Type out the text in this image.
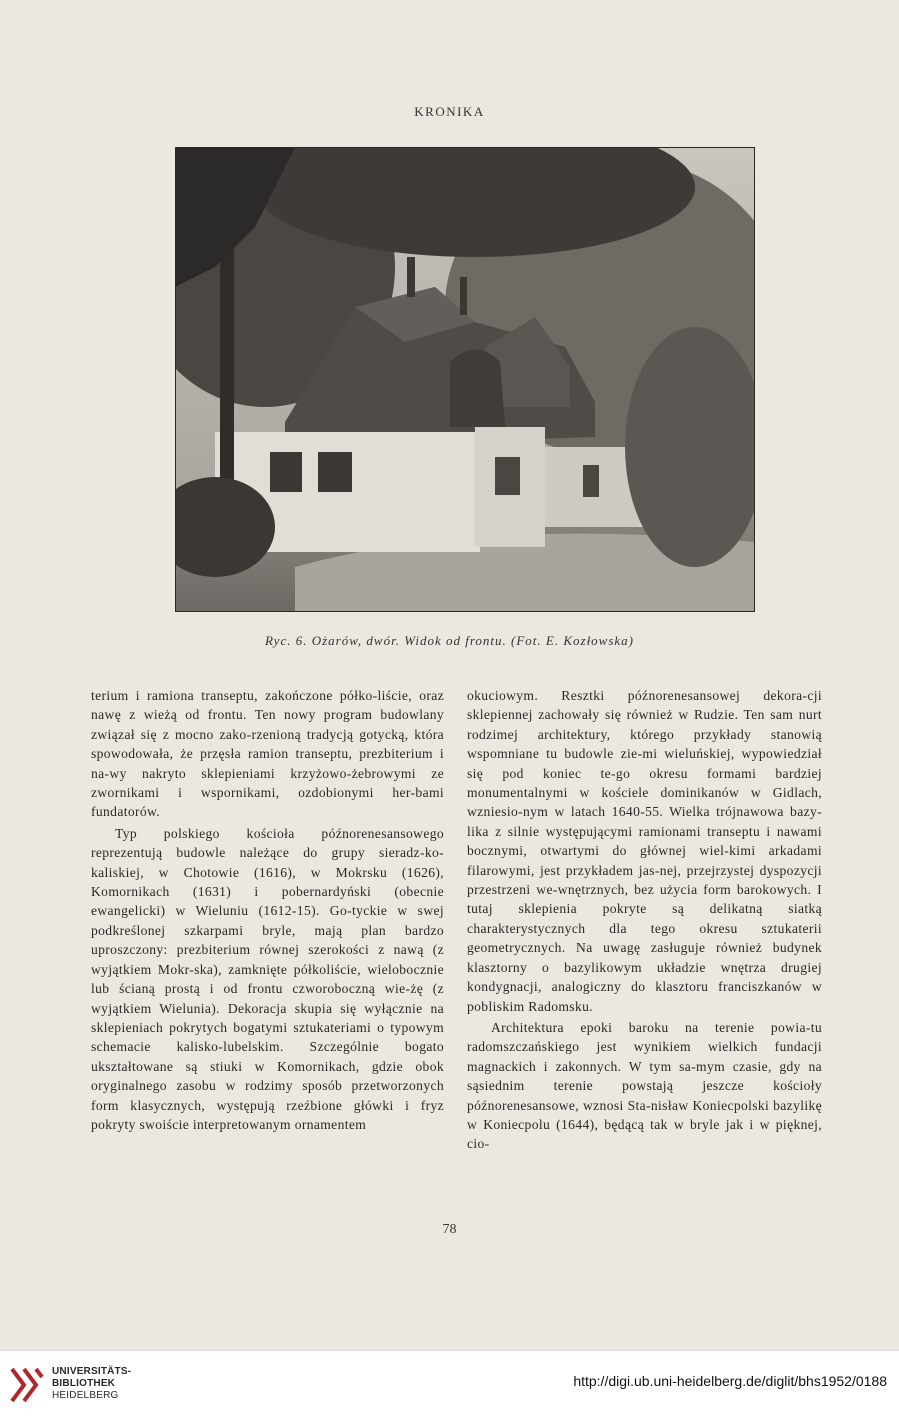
KRONIKA
Ryc. 6. Ożarów, dwór. Widok od frontu. (Fot. E. Kozłowska)

terium i ramiona transeptu, zakończone półko-liście, oraz nawę z wieżą od frontu. Ten nowy program budowlany związał się z mocno zako-rzenioną tradycją gotycką, która spowodowała, że przęsła ramion transeptu, prezbiterium i na-wy nakryto sklepieniami krzyżowo-żebrowymi ze zwornikami i wspornikami, ozdobionymi her-bami fundatorów.

Typ polskiego kościoła późnorenesansowego reprezentują budowle należące do grupy sieradz-ko-kaliskiej, w Chotowie (1616), w Mokrsku (1626), Komornikach (1631) i pobernardyński (obecnie ewangelicki) w Wieluniu (1612-15). Go-tyckie w swej podkreślonej szkarpami bryle, mają plan bardzo uproszczony: prezbiterium równej szerokości z nawą (z wyjątkiem Mokr-ska), zamknięte półkoliście, wielobocznie lub ścianą prostą i od frontu czworoboczną wie-żę (z wyjątkiem Wielunia). Dekoracja skupia się wyłącznie na sklepieniach pokrytych bogatymi sztukateriami o typowym schemacie kalisko-lubelskim. Szczególnie bogato ukształtowane są stiuki w Komornikach, gdzie obok oryginalnego zasobu w rodzimy sposób przetworzonych form klasycznych, występują rzeźbione główki i fryz pokryty swoiście interpretowanym ornamentem

okuciowym. Resztki późnorenesansowej dekora-cji sklepiennej zachowały się również w Rudzie. Ten sam nurt rodzimej architektury, którego przykłady stanowią wspomniane tu budowle zie-mi wieluńskiej, wypowiedział się pod koniec te-go okresu formami bardziej monumentalnymi w kościele dominikanów w Gidlach, wzniesio-nym w latach 1640-55. Wielka trójnawowa bazy-lika z silnie występującymi ramionami transeptu i nawami bocznymi, otwartymi do głównej wiel-kimi arkadami filarowymi, jest przykładem jas-nej, przejrzystej dyspozycji przestrzeni we-wnętrznych, bez użycia form barokowych. I tutaj sklepienia pokryte są delikatną siatką charakterystycznych dla tego okresu sztukaterii geometrycznych. Na uwagę zasługuje również budynek klasztorny o bazylikowym układzie wnętrza drugiej kondygnacji, analogiczny do klasztoru franciszkanów w pobliskim Radomsku.

Architektura epoki baroku na terenie powia-tu radomszczańskiego jest wynikiem wielkich fundacji magnackich i zakonnych. W tym sa-mym czasie, gdy na sąsiednim terenie powstają jeszcze kościoły późnorenesansowe, wznosi Sta-nisław Koniecpolski bazylikę w Koniecpolu (1644), będącą tak w bryle jak i w pięknej, cio-

78
UNIVERSITÄTS-
BIBLIOTHEK
HEIDELBERG
http://digi.ub.uni-heidelberg.de/diglit/bhs1952/0188
